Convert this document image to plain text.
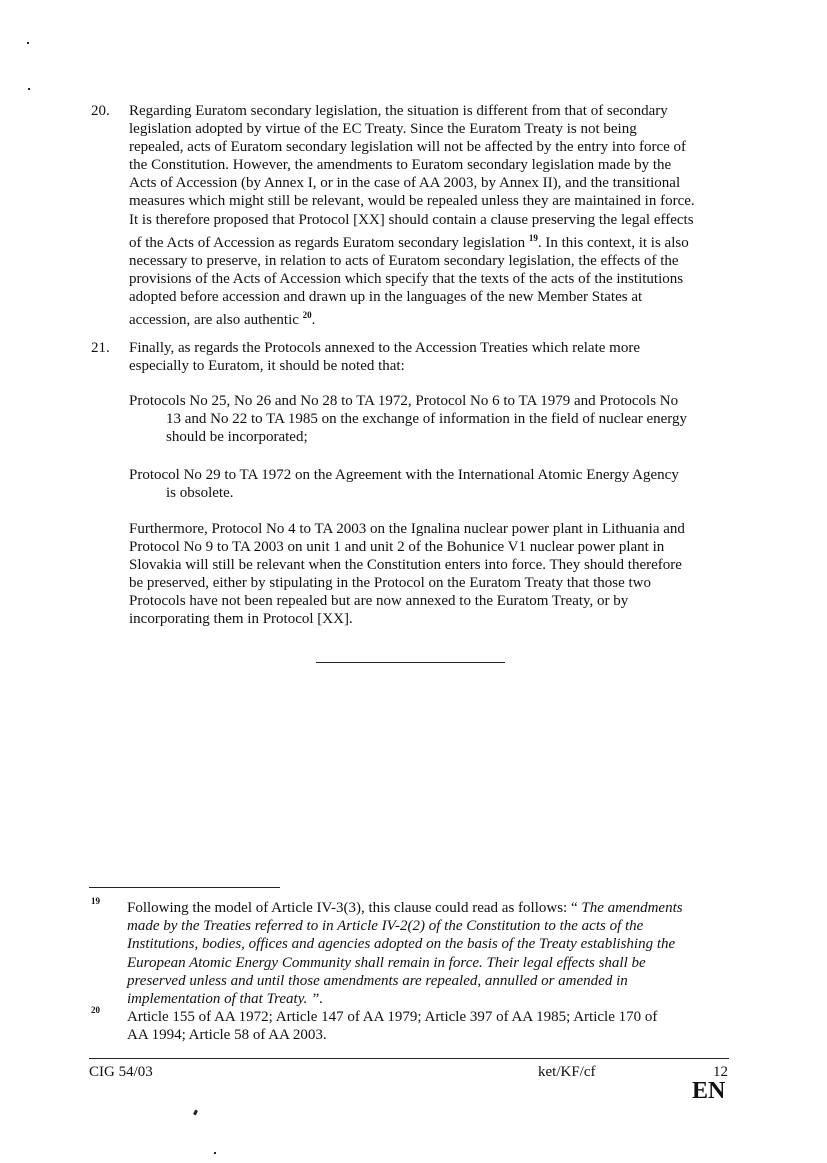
20. Regarding Euratom secondary legislation, the situation is different from that of secondary
legislation adopted by virtue of the EC Treaty. Since the Euratom Treaty is not being
repealed, acts of Euratom secondary legislation will not be affected by the entry into force of
the Constitution. However, the amendments to Euratom secondary legislation made by the
Acts of Accession (by Annex I, or in the case of AA 2003, by Annex II), and the transitional
measures which might still be relevant, would be repealed unless they are maintained in force.
It is therefore proposed that Protocol [XX] should contain a clause preserving the legal effects
of the Acts of Accession as regards Euratom secondary legislation $^{19}$. In this context, it is also
necessary to preserve, in relation to acts of Euratom secondary legislation, the effects of the
provisions of the Acts of Accession which specify that the texts of the acts of the institutions
adopted before accession and drawn up in the languages of the new Member States at
accession, are also authentic $^{20}$.
21. Finally, as regards the Protocols annexed to the Accession Treaties which relate more
especially to Euratom, it should be noted that:
Protocols No 25, No 26 and No 28 to TA 1972, Protocol No 6 to TA 1979 and Protocols No
13 and No 22 to TA 1985 on the exchange of information in the field of nuclear energy
should be incorporated;
Protocol No 29 to TA 1972 on the Agreement with the International Atomic Energy Agency
is obsolete.
Furthermore, Protocol No 4 to TA 2003 on the Ignalina nuclear power plant in Lithuania and
Protocol No 9 to TA 2003 on unit 1 and unit 2 of the Bohunice V1 nuclear power plant in
Slovakia will still be relevant when the Constitution enters into force. They should therefore
be preserved, either by stipulating in the Protocol on the Euratom Treaty that those two
Protocols have not been repealed but are now annexed to the Euratom Treaty, or by
incorporating them in Protocol [XX].
19 Following the model of Article IV-3(3), this clause could read as follows: “ The amendments
made by the Treaties referred to in Article IV-2(2) of the Constitution to the acts of the
Institutions, bodies, offices and agencies adopted on the basis of the Treaty establishing the
European Atomic Energy Community shall remain in force. Their legal effects shall be
preserved unless and until those amendments are repealed, annulled or amended in
implementation of that Treaty. ”.
20 Article 155 of AA 1972; Article 147 of AA 1979; Article 397 of AA 1985; Article 170 of
AA 1994; Article 58 of AA 2003.
CIG 54/03	ket/KF/cf	12
EN
